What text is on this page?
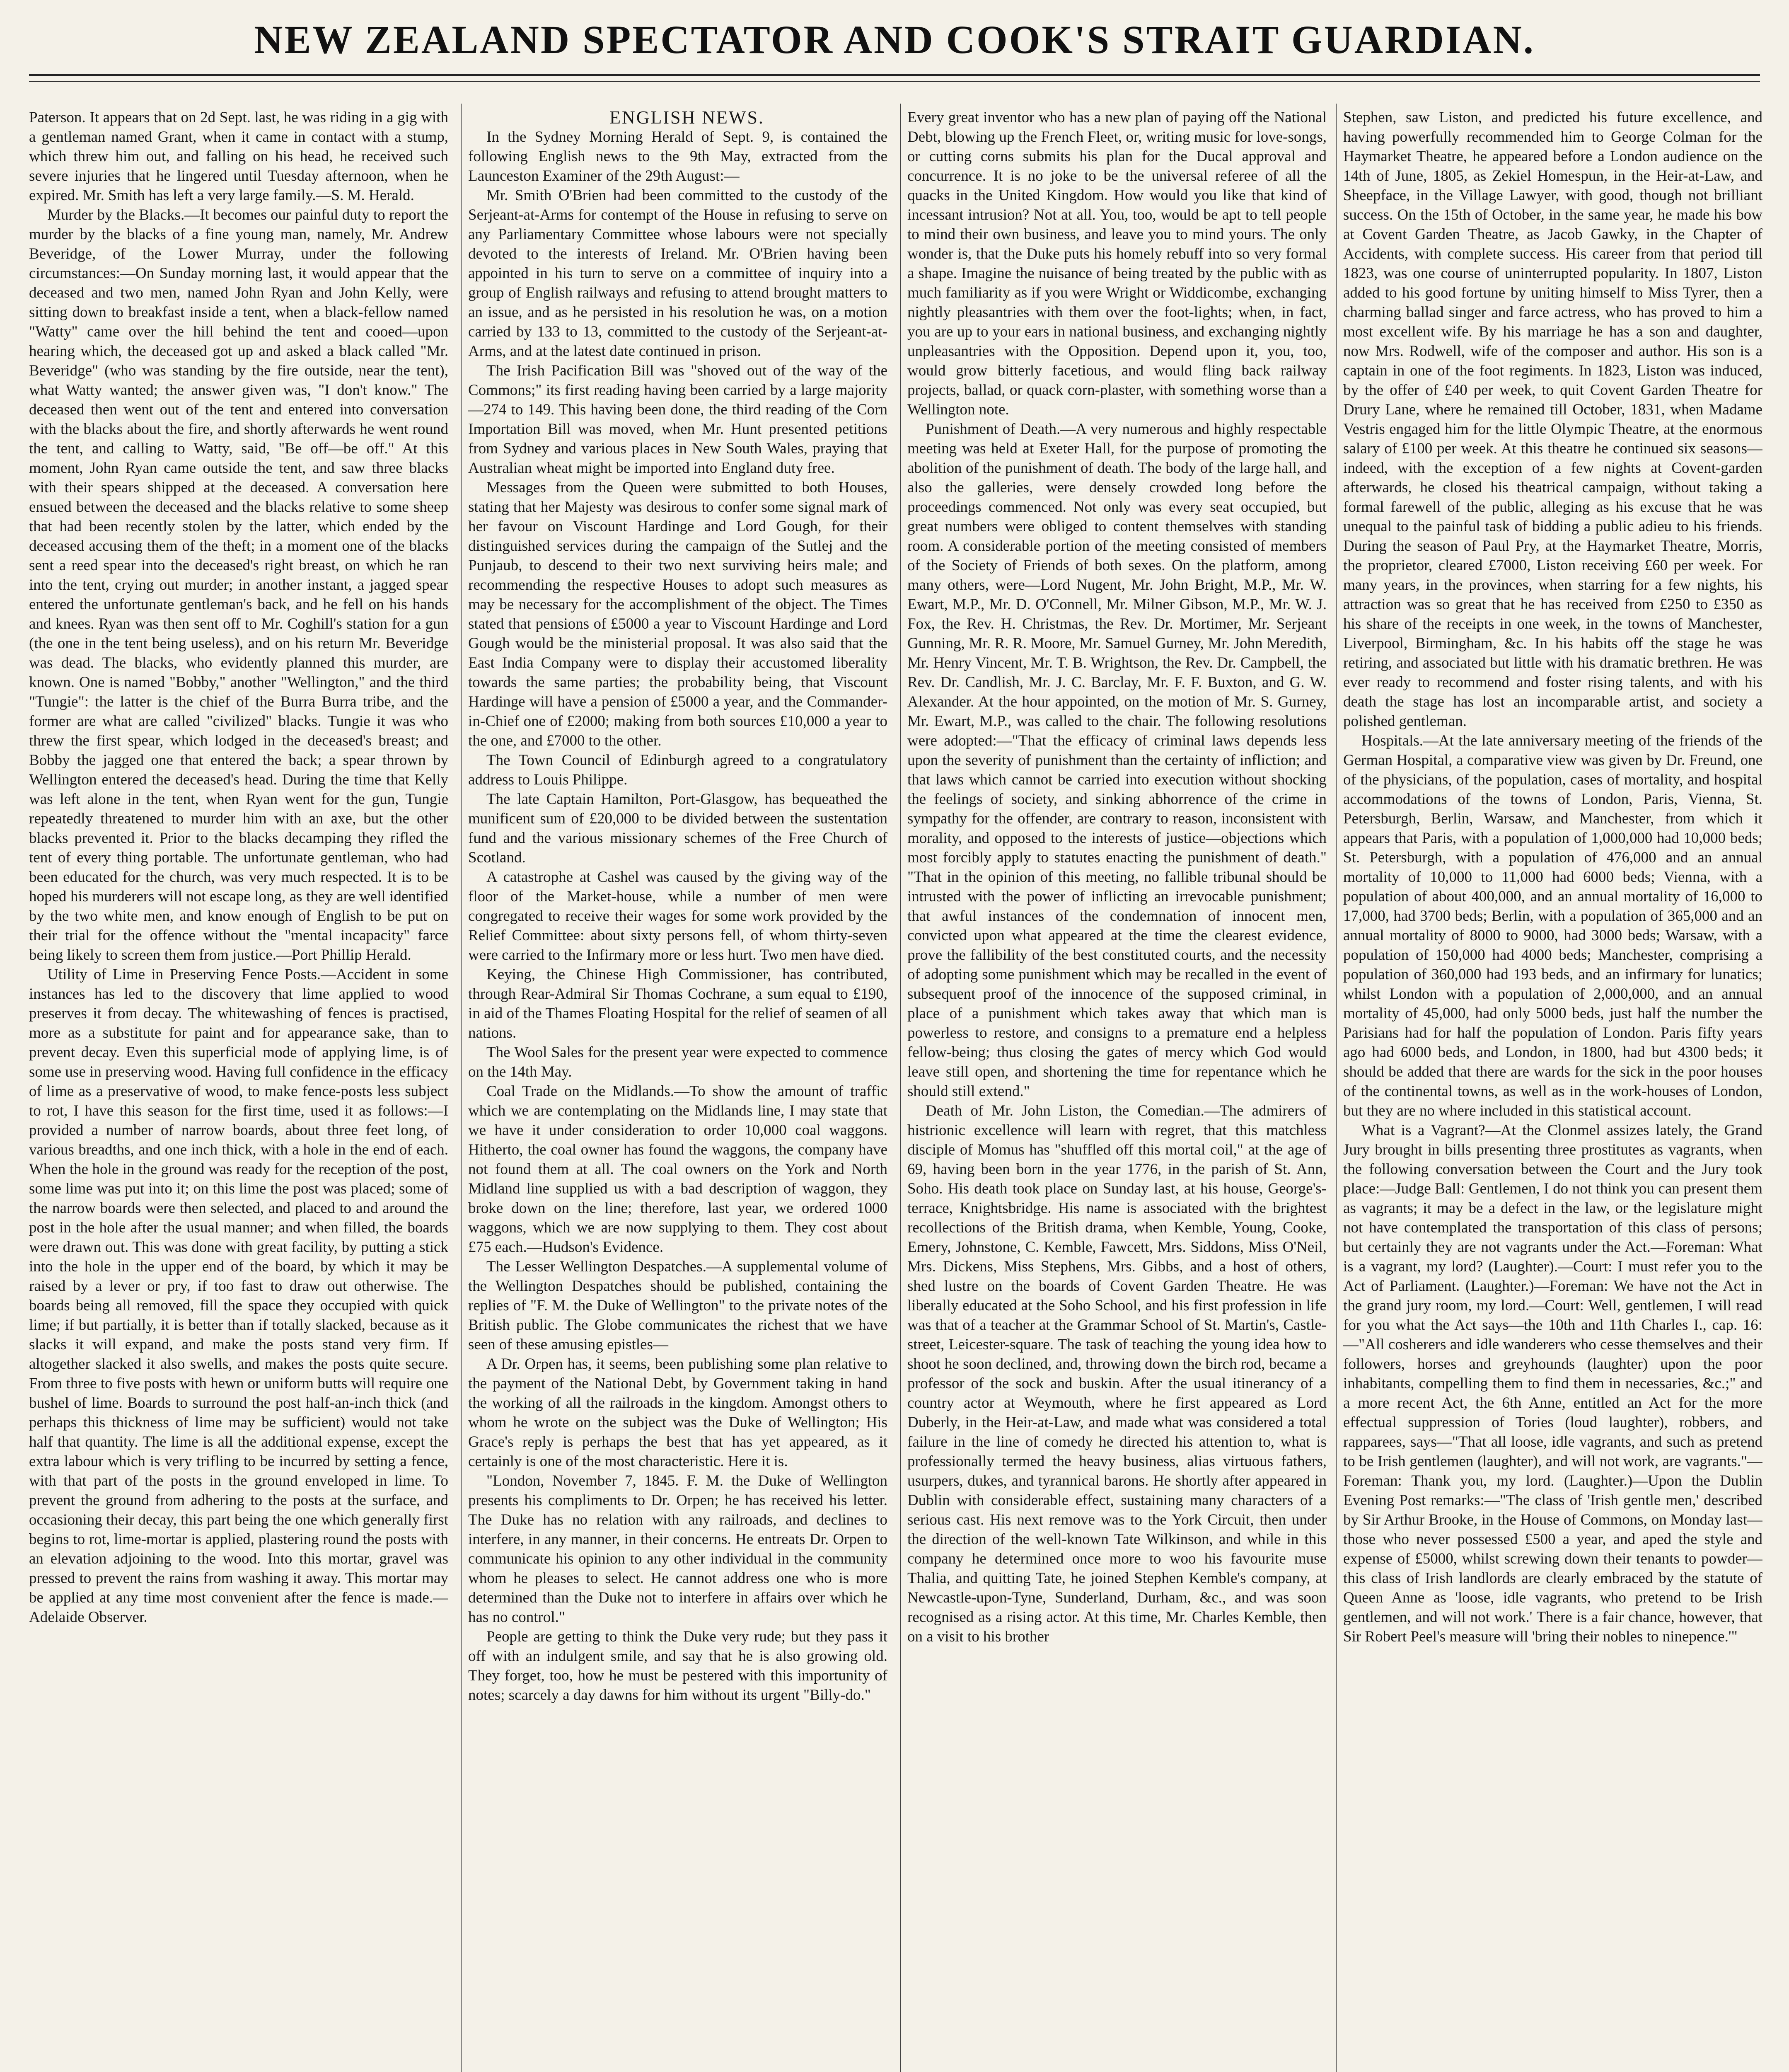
NEW ZEALAND SPECTATOR AND COOK'S STRAIT GUARDIAN.

Paterson. It appears that on 2d Sept. last, he was riding in a gig with a gentleman named Grant, when it came in contact with a stump, which threw him out, and falling on his head, he received such severe injuries that he lingered until Tuesday afternoon, when he expired. Mr. Smith has left a very large family.—S. M. Herald.

Murder by the Blacks.—It becomes our painful duty to report the murder by the blacks of a fine young man, namely, Mr. Andrew Beveridge, of the Lower Murray, under the following circumstances:—On Sunday morning last, it would appear that the deceased and two men, named John Ryan and John Kelly, were sitting down to breakfast inside a tent, when a black-fellow named "Watty" came over the hill behind the tent and cooed—upon hearing which, the deceased got up and asked a black called "Mr. Beveridge" (who was standing by the fire outside, near the tent), what Watty wanted; the answer given was, "I don't know." The deceased then went out of the tent and entered into conversation with the blacks about the fire, and shortly afterwards he went round the tent, and calling to Watty, said, "Be off—be off." At this moment, John Ryan came outside the tent, and saw three blacks with their spears shipped at the deceased. A conversation here ensued between the deceased and the blacks relative to some sheep that had been recently stolen by the latter, which ended by the deceased accusing them of the theft; in a moment one of the blacks sent a reed spear into the deceased's right breast, on which he ran into the tent, crying out murder; in another instant, a jagged spear entered the unfortunate gentleman's back, and he fell on his hands and knees. Ryan was then sent off to Mr. Coghill's station for a gun (the one in the tent being useless), and on his return Mr. Beveridge was dead. The blacks, who evidently planned this murder, are known. One is named "Bobby," another "Wellington," and the third "Tungie": the latter is the chief of the Burra Burra tribe, and the former are what are called "civilized" blacks. Tungie it was who threw the first spear, which lodged in the deceased's breast; and Bobby the jagged one that entered the back; a spear thrown by Wellington entered the deceased's head. During the time that Kelly was left alone in the tent, when Ryan went for the gun, Tungie repeatedly threatened to murder him with an axe, but the other blacks prevented it. Prior to the blacks decamping they rifled the tent of every thing portable. The unfortunate gentleman, who had been educated for the church, was very much respected. It is to be hoped his murderers will not escape long, as they are well identified by the two white men, and know enough of English to be put on their trial for the offence without the "mental incapacity" farce being likely to screen them from justice.—Port Phillip Herald.

Utility of Lime in Preserving Fence Posts.—Accident in some instances has led to the discovery that lime applied to wood preserves it from decay. The whitewashing of fences is practised, more as a substitute for paint and for appearance sake, than to prevent decay. Even this superficial mode of applying lime, is of some use in preserving wood. Having full confidence in the efficacy of lime as a preservative of wood, to make fence-posts less subject to rot, I have this season for the first time, used it as follows:—I provided a number of narrow boards, about three feet long, of various breadths, and one inch thick, with a hole in the end of each. When the hole in the ground was ready for the reception of the post, some lime was put into it; on this lime the post was placed; some of the narrow boards were then selected, and placed to and around the post in the hole after the usual manner; and when filled, the boards were drawn out. This was done with great facility, by putting a stick into the hole in the upper end of the board, by which it may be raised by a lever or pry, if too fast to draw out otherwise. The boards being all removed, fill the space they occupied with quick lime; if but partially, it is better than if totally slacked, because as it slacks it will expand, and make the posts stand very firm. If altogether slacked it also swells, and makes the posts quite secure. From three to five posts with hewn or uniform butts will require one bushel of lime. Boards to surround the post half-an-inch thick (and perhaps this thickness of lime may be sufficient) would not take half that quantity. The lime is all the additional expense, except the extra labour which is very trifling to be incurred by setting a fence, with that part of the posts in the ground enveloped in lime. To prevent the ground from adhering to the posts at the surface, and occasioning their decay, this part being the one which generally first begins to rot, lime-mortar is applied, plastering round the posts with an elevation adjoining to the wood. Into this mortar, gravel was pressed to prevent the rains from washing it away. This mortar may be applied at any time most convenient after the fence is made.—Adelaide Observer.

ENGLISH NEWS.

In the Sydney Morning Herald of Sept. 9, is contained the following English news to the 9th May, extracted from the Launceston Examiner of the 29th August:—

Mr. Smith O'Brien had been committed to the custody of the Serjeant-at-Arms for contempt of the House in refusing to serve on any Parliamentary Committee whose labours were not specially devoted to the interests of Ireland. Mr. O'Brien having been appointed in his turn to serve on a committee of inquiry into a group of English railways and refusing to attend brought matters to an issue, and as he persisted in his resolution he was, on a motion carried by 133 to 13, committed to the custody of the Serjeant-at-Arms, and at the latest date continued in prison.

The Irish Pacification Bill was "shoved out of the way of the Commons;" its first reading having been carried by a large majority—274 to 149. This having been done, the third reading of the Corn Importation Bill was moved, when Mr. Hunt presented petitions from Sydney and various places in New South Wales, praying that Australian wheat might be imported into England duty free.

Messages from the Queen were submitted to both Houses, stating that her Majesty was desirous to confer some signal mark of her favour on Viscount Hardinge and Lord Gough, for their distinguished services during the campaign of the Sutlej and the Punjaub, to descend to their two next surviving heirs male; and recommending the respective Houses to adopt such measures as may be necessary for the accomplishment of the object. The Times stated that pensions of £5000 a year to Viscount Hardinge and Lord Gough would be the ministerial proposal. It was also said that the East India Company were to display their accustomed liberality towards the same parties; the probability being, that Viscount Hardinge will have a pension of £5000 a year, and the Commander-in-Chief one of £2000; making from both sources £10,000 a year to the one, and £7000 to the other.

The Town Council of Edinburgh agreed to a congratulatory address to Louis Philippe.

The late Captain Hamilton, Port-Glasgow, has bequeathed the munificent sum of £20,000 to be divided between the sustentation fund and the various missionary schemes of the Free Church of Scotland.

A catastrophe at Cashel was caused by the giving way of the floor of the Market-house, while a number of men were congregated to receive their wages for some work provided by the Relief Committee: about sixty persons fell, of whom thirty-seven were carried to the Infirmary more or less hurt. Two men have died.

Keying, the Chinese High Commissioner, has contributed, through Rear-Admiral Sir Thomas Cochrane, a sum equal to £190, in aid of the Thames Floating Hospital for the relief of seamen of all nations.

The Wool Sales for the present year were expected to commence on the 14th May.

Coal Trade on the Midlands.—To show the amount of traffic which we are contemplating on the Midlands line, I may state that we have it under consideration to order 10,000 coal waggons. Hitherto, the coal owner has found the waggons, the company have not found them at all. The coal owners on the York and North Midland line supplied us with a bad description of waggon, they broke down on the line; therefore, last year, we ordered 1000 waggons, which we are now supplying to them. They cost about £75 each.—Hudson's Evidence.

The Lesser Wellington Despatches.—A supplemental volume of the Wellington Despatches should be published, containing the replies of "F. M. the Duke of Wellington" to the private notes of the British public. The Globe communicates the richest that we have seen of these amusing epistles—

A Dr. Orpen has, it seems, been publishing some plan relative to the payment of the National Debt, by Government taking in hand the working of all the railroads in the kingdom. Amongst others to whom he wrote on the subject was the Duke of Wellington; His Grace's reply is perhaps the best that has yet appeared, as it certainly is one of the most characteristic. Here it is.

"London, November 7, 1845. F. M. the Duke of Wellington presents his compliments to Dr. Orpen; he has received his letter. The Duke has no relation with any railroads, and declines to interfere, in any manner, in their concerns. He entreats Dr. Orpen to communicate his opinion to any other individual in the community whom he pleases to select. He cannot address one who is more determined than the Duke not to interfere in affairs over which he has no control."

People are getting to think the Duke very rude; but they pass it off with an indulgent smile, and say that he is also growing old. They forget, too, how he must be pestered with this importunity of notes; scarcely a day dawns for him without its urgent "Billy-do."

Every great inventor who has a new plan of paying off the National Debt, blowing up the French Fleet, or, writing music for love-songs, or cutting corns submits his plan for the Ducal approval and concurrence. It is no joke to be the universal referee of all the quacks in the United Kingdom. How would you like that kind of incessant intrusion? Not at all. You, too, would be apt to tell people to mind their own business, and leave you to mind yours. The only wonder is, that the Duke puts his homely rebuff into so very formal a shape. Imagine the nuisance of being treated by the public with as much familiarity as if you were Wright or Widdicombe, exchanging nightly pleasantries with them over the foot-lights; when, in fact, you are up to your ears in national business, and exchanging nightly unpleasantries with the Opposition. Depend upon it, you, too, would grow bitterly facetious, and would fling back railway projects, ballad, or quack corn-plaster, with something worse than a Wellington note.

Punishment of Death.—A very numerous and highly respectable meeting was held at Exeter Hall, for the purpose of promoting the abolition of the punishment of death. The body of the large hall, and also the galleries, were densely crowded long before the proceedings commenced. Not only was every seat occupied, but great numbers were obliged to content themselves with standing room. A considerable portion of the meeting consisted of members of the Society of Friends of both sexes. On the platform, among many others, were—Lord Nugent, Mr. John Bright, M.P., Mr. W. Ewart, M.P., Mr. D. O'Connell, Mr. Milner Gibson, M.P., Mr. W. J. Fox, the Rev. H. Christmas, the Rev. Dr. Mortimer, Mr. Serjeant Gunning, Mr. R. R. Moore, Mr. Samuel Gurney, Mr. John Meredith, Mr. Henry Vincent, Mr. T. B. Wrightson, the Rev. Dr. Campbell, the Rev. Dr. Candlish, Mr. J. C. Barclay, Mr. F. F. Buxton, and G. W. Alexander. At the hour appointed, on the motion of Mr. S. Gurney, Mr. Ewart, M.P., was called to the chair. The following resolutions were adopted:—"That the efficacy of criminal laws depends less upon the severity of punishment than the certainty of infliction; and that laws which cannot be carried into execution without shocking the feelings of society, and sinking abhorrence of the crime in sympathy for the offender, are contrary to reason, inconsistent with morality, and opposed to the interests of justice—objections which most forcibly apply to statutes enacting the punishment of death." "That in the opinion of this meeting, no fallible tribunal should be intrusted with the power of inflicting an irrevocable punishment; that awful instances of the condemnation of innocent men, convicted upon what appeared at the time the clearest evidence, prove the fallibility of the best constituted courts, and the necessity of adopting some punishment which may be recalled in the event of subsequent proof of the innocence of the supposed criminal, in place of a punishment which takes away that which man is powerless to restore, and consigns to a premature end a helpless fellow-being; thus closing the gates of mercy which God would leave still open, and shortening the time for repentance which he should still extend."

Death of Mr. John Liston, the Comedian.—The admirers of histrionic excellence will learn with regret, that this matchless disciple of Momus has "shuffled off this mortal coil," at the age of 69, having been born in the year 1776, in the parish of St. Ann, Soho. His death took place on Sunday last, at his house, George's-terrace, Knightsbridge. His name is associated with the brightest recollections of the British drama, when Kemble, Young, Cooke, Emery, Johnstone, C. Kemble, Fawcett, Mrs. Siddons, Miss O'Neil, Mrs. Dickens, Miss Stephens, Mrs. Gibbs, and a host of others, shed lustre on the boards of Covent Garden Theatre. He was liberally educated at the Soho School, and his first profession in life was that of a teacher at the Grammar School of St. Martin's, Castle-street, Leicester-square. The task of teaching the young idea how to shoot he soon declined, and, throwing down the birch rod, became a professor of the sock and buskin. After the usual itinerancy of a country actor at Weymouth, where he first appeared as Lord Duberly, in the Heir-at-Law, and made what was considered a total failure in the line of comedy he directed his attention to, what is professionally termed the heavy business, alias virtuous fathers, usurpers, dukes, and tyrannical barons. He shortly after appeared in Dublin with considerable effect, sustaining many characters of a serious cast. His next remove was to the York Circuit, then under the direction of the well-known Tate Wilkinson, and while in this company he determined once more to woo his favourite muse Thalia, and quitting Tate, he joined Stephen Kemble's company, at Newcastle-upon-Tyne, Sunderland, Durham, &c., and was soon recognised as a rising actor. At this time, Mr. Charles Kemble, then on a visit to his brother

Stephen, saw Liston, and predicted his future excellence, and having powerfully recommended him to George Colman for the Haymarket Theatre, he appeared before a London audience on the 14th of June, 1805, as Zekiel Homespun, in the Heir-at-Law, and Sheepface, in the Village Lawyer, with good, though not brilliant success. On the 15th of October, in the same year, he made his bow at Covent Garden Theatre, as Jacob Gawky, in the Chapter of Accidents, with complete success. His career from that period till 1823, was one course of uninterrupted popularity. In 1807, Liston added to his good fortune by uniting himself to Miss Tyrer, then a charming ballad singer and farce actress, who has proved to him a most excellent wife. By his marriage he has a son and daughter, now Mrs. Rodwell, wife of the composer and author. His son is a captain in one of the foot regiments. In 1823, Liston was induced, by the offer of £40 per week, to quit Covent Garden Theatre for Drury Lane, where he remained till October, 1831, when Madame Vestris engaged him for the little Olympic Theatre, at the enormous salary of £100 per week. At this theatre he continued six seasons—indeed, with the exception of a few nights at Covent-garden afterwards, he closed his theatrical campaign, without taking a formal farewell of the public, alleging as his excuse that he was unequal to the painful task of bidding a public adieu to his friends. During the season of Paul Pry, at the Haymarket Theatre, Morris, the proprietor, cleared £7000, Liston receiving £60 per week. For many years, in the provinces, when starring for a few nights, his attraction was so great that he has received from £250 to £350 as his share of the receipts in one week, in the towns of Manchester, Liverpool, Birmingham, &c. In his habits off the stage he was retiring, and associated but little with his dramatic brethren. He was ever ready to recommend and foster rising talents, and with his death the stage has lost an incomparable artist, and society a polished gentleman.

Hospitals.—At the late anniversary meeting of the friends of the German Hospital, a comparative view was given by Dr. Freund, one of the physicians, of the population, cases of mortality, and hospital accommodations of the towns of London, Paris, Vienna, St. Petersburgh, Berlin, Warsaw, and Manchester, from which it appears that Paris, with a population of 1,000,000 had 10,000 beds; St. Petersburgh, with a population of 476,000 and an annual mortality of 10,000 to 11,000 had 6000 beds; Vienna, with a population of about 400,000, and an annual mortality of 16,000 to 17,000, had 3700 beds; Berlin, with a population of 365,000 and an annual mortality of 8000 to 9000, had 3000 beds; Warsaw, with a population of 150,000 had 4000 beds; Manchester, comprising a population of 360,000 had 193 beds, and an infirmary for lunatics; whilst London with a population of 2,000,000, and an annual mortality of 45,000, had only 5000 beds, just half the number the Parisians had for half the population of London. Paris fifty years ago had 6000 beds, and London, in 1800, had but 4300 beds; it should be added that there are wards for the sick in the poor houses of the continental towns, as well as in the work-houses of London, but they are no where included in this statistical account.

What is a Vagrant?—At the Clonmel assizes lately, the Grand Jury brought in bills presenting three prostitutes as vagrants, when the following conversation between the Court and the Jury took place:—Judge Ball: Gentlemen, I do not think you can present them as vagrants; it may be a defect in the law, or the legislature might not have contemplated the transportation of this class of persons; but certainly they are not vagrants under the Act.—Foreman: What is a vagrant, my lord? (Laughter).—Court: I must refer you to the Act of Parliament. (Laughter.)—Foreman: We have not the Act in the grand jury room, my lord.—Court: Well, gentlemen, I will read for you what the Act says—the 10th and 11th Charles I., cap. 16:—"All cosherers and idle wanderers who cesse themselves and their followers, horses and greyhounds (laughter) upon the poor inhabitants, compelling them to find them in necessaries, &c.;" and a more recent Act, the 6th Anne, entitled an Act for the more effectual suppression of Tories (loud laughter), robbers, and rapparees, says—"That all loose, idle vagrants, and such as pretend to be Irish gentlemen (laughter), and will not work, are vagrants."—Foreman: Thank you, my lord. (Laughter.)—Upon the Dublin Evening Post remarks:—"The class of 'Irish gentle men,' described by Sir Arthur Brooke, in the House of Commons, on Monday last—those who never possessed £500 a year, and aped the style and expense of £5000, whilst screwing down their tenants to powder—this class of Irish landlords are clearly embraced by the statute of Queen Anne as 'loose, idle vagrants, who pretend to be Irish gentlemen, and will not work.' There is a fair chance, however, that Sir Robert Peel's measure will 'bring their nobles to ninepence.'"
